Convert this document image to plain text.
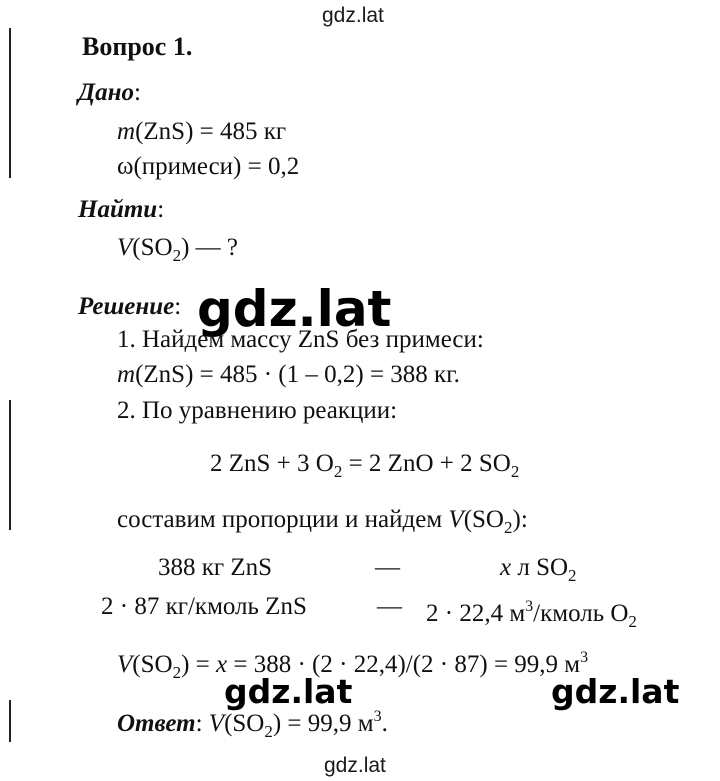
gdz.lat
gdz.lat
gdz.lat	gdz.lat
gdz.lat
Вопрос 1.
Дано:
m(ZnS) = 485 кг
ω(примеси) = 0,2
Найти:
$V(SO_2)$ — ?
Решение:
1. Найдем массу ZnS без примеси:
m(ZnS) = 485 · (1 – 0,2) = 388 кг.
2. По уравнению реакции:
2 ZnS + 3 $O_2 = 2$ ZnO + 2 $SO_2$
составим пропорции и найдем $V(SO_2)$:
388 кг ZnS	—	x л $SO_2$
2 · 87 кг/кмоль ZnS	— 2 · 22,4 $м^3$/кмоль $O_2$
$V(SO_2) = x = 388 \cdot (2 \cdot 22,4)/(2 \cdot 87) = 99,9$ $м^3$
Ответ: $V(SO_2) = 99,9$ $м^3$.
